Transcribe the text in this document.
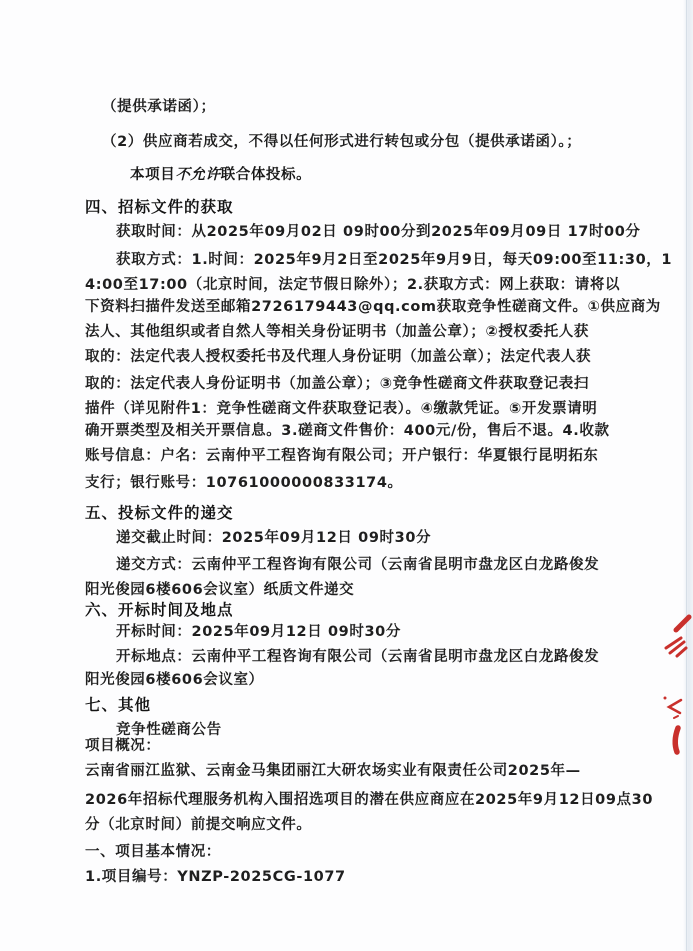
（提供承诺函）；
（2）供应商若成交，不得以任何形式进行转包或分包（提供承诺函）。；
本项目不允许联合体投标。
四、招标文件的获取
获取时间：从2025年09月02日 09时00分到2025年09月09日 17时00分
获取方式：1.时间：2025年9月2日至2025年9月9日，每天09:00至11:30，1
4:00至17:00（北京时间，法定节假日除外）；2.获取方式：网上获取：请将以
下资料扫描件发送至邮箱2726179443@qq.com获取竞争性磋商文件。①供应商为
法人、其他组织或者自然人等相关身份证明书（加盖公章）；②授权委托人获
取的：法定代表人授权委托书及代理人身份证明（加盖公章）；法定代表人获
取的：法定代表人身份证明书（加盖公章）；③竞争性磋商文件获取登记表扫
描件（详见附件1：竞争性磋商文件获取登记表）。④缴款凭证。⑤开发票请明
确开票类型及相关开票信息。3.磋商文件售价：400元/份，售后不退。4.收款
账号信息：户名：云南仲平工程咨询有限公司；开户银行：华夏银行昆明拓东
支行；银行账号：10761000000833174。
五、投标文件的递交
递交截止时间：2025年09月12日 09时30分
递交方式：云南仲平工程咨询有限公司（云南省昆明市盘龙区白龙路俊发
阳光俊园6楼606会议室）纸质文件递交
六、开标时间及地点
开标时间：2025年09月12日 09时30分
开标地点：云南仲平工程咨询有限公司（云南省昆明市盘龙区白龙路俊发
阳光俊园6楼606会议室）
七、其他
竞争性磋商公告
项目概况：
云南省丽江监狱、云南金马集团丽江大研农场实业有限责任公司2025年—
2026年招标代理服务机构入围招选项目的潜在供应商应在2025年9月12日09点30
分（北京时间）前提交响应文件。
一、项目基本情况：
1.项目编号：YNZP-2025CG-1077
